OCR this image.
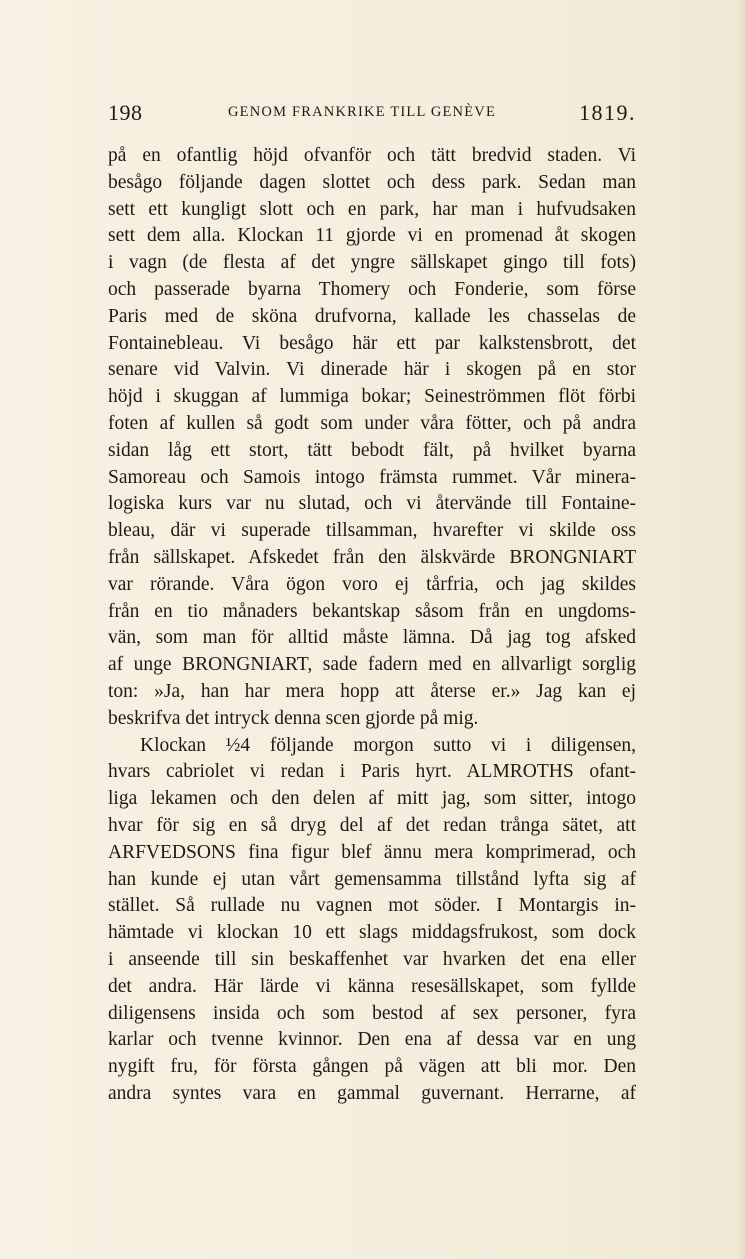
198	GENOM FRANKRIKE TILL GENÈVE	1819.
på en ofantlig höjd ofvanför och tätt bredvid staden. Vi
besågo följande dagen slottet och dess park. Sedan man
sett ett kungligt slott och en park, har man i hufvudsaken
sett dem alla. Klockan 11 gjorde vi en promenad åt skogen
i vagn (de flesta af det yngre sällskapet gingo till fots)
och passerade byarna Thomery och Fonderie, som förse
Paris med de sköna drufvorna, kallade les chasselas de
Fontainebleau. Vi besågo här ett par kalkstensbrott, det
senare vid Valvin. Vi dinerade här i skogen på en stor
höjd i skuggan af lummiga bokar; Seineströmmen flöt förbi
foten af kullen så godt som under våra fötter, och på andra
sidan låg ett stort, tätt bebodt fält, på hvilket byarna
Samoreau och Samois intogo främsta rummet. Vår minera-
logiska kurs var nu slutad, och vi återvände till Fontaine-
bleau, där vi superade tillsamman, hvarefter vi skilde oss
från sällskapet. Afskedet från den älskvärde BRONGNIART
var rörande. Våra ögon voro ej tårfria, och jag skildes
från en tio månaders bekantskap såsom från en ungdoms-
vän, som man för alltid måste lämna. Då jag tog afsked
af unge BRONGNIART, sade fadern med en allvarligt sorglig
ton: »Ja, han har mera hopp att återse er.» Jag kan ej
beskrifva det intryck denna scen gjorde på mig.
Klockan ½4 följande morgon sutto vi i diligensen,
hvars cabriolet vi redan i Paris hyrt. ALMROTHS ofant-
liga lekamen och den delen af mitt jag, som sitter, intogo
hvar för sig en så dryg del af det redan trånga sätet, att
ARFVEDSONS fina figur blef ännu mera komprimerad, och
han kunde ej utan vårt gemensamma tillstånd lyfta sig af
stället. Så rullade nu vagnen mot söder. I Montargis in-
hämtade vi klockan 10 ett slags middagsfrukost, som dock
i anseende till sin beskaffenhet var hvarken det ena eller
det andra. Här lärde vi känna resesällskapet, som fyllde
diligensens insida och som bestod af sex personer, fyra
karlar och tvenne kvinnor. Den ena af dessa var en ung
nygift fru, för första gången på vägen att bli mor. Den
andra syntes vara en gammal guvernant. Herrarne, af
